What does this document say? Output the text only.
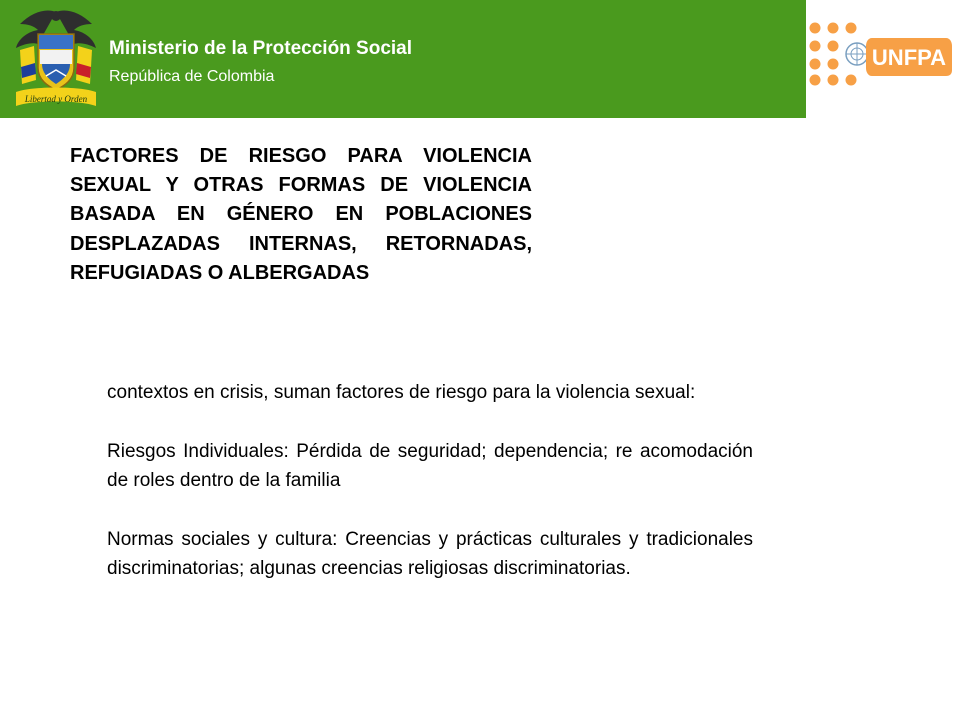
Libertad y Orden
Ministerio de la Protección Social
República de Colombia
UNFPA
FACTORES DE RIESGO PARA VIOLENCIA SEXUAL Y OTRAS FORMAS DE VIOLENCIA BASADA EN GÉNERO EN POBLACIONES DESPLAZADAS INTERNAS, RETORNADAS, REFUGIADAS O ALBERGADAS

contextos en crisis, suman factores de riesgo para la violencia sexual:

Riesgos Individuales: Pérdida de seguridad; dependencia; re acomodación de roles dentro de la familia

Normas sociales y cultura: Creencias y prácticas culturales y tradicionales discriminatorias; algunas creencias religiosas discriminatorias.
